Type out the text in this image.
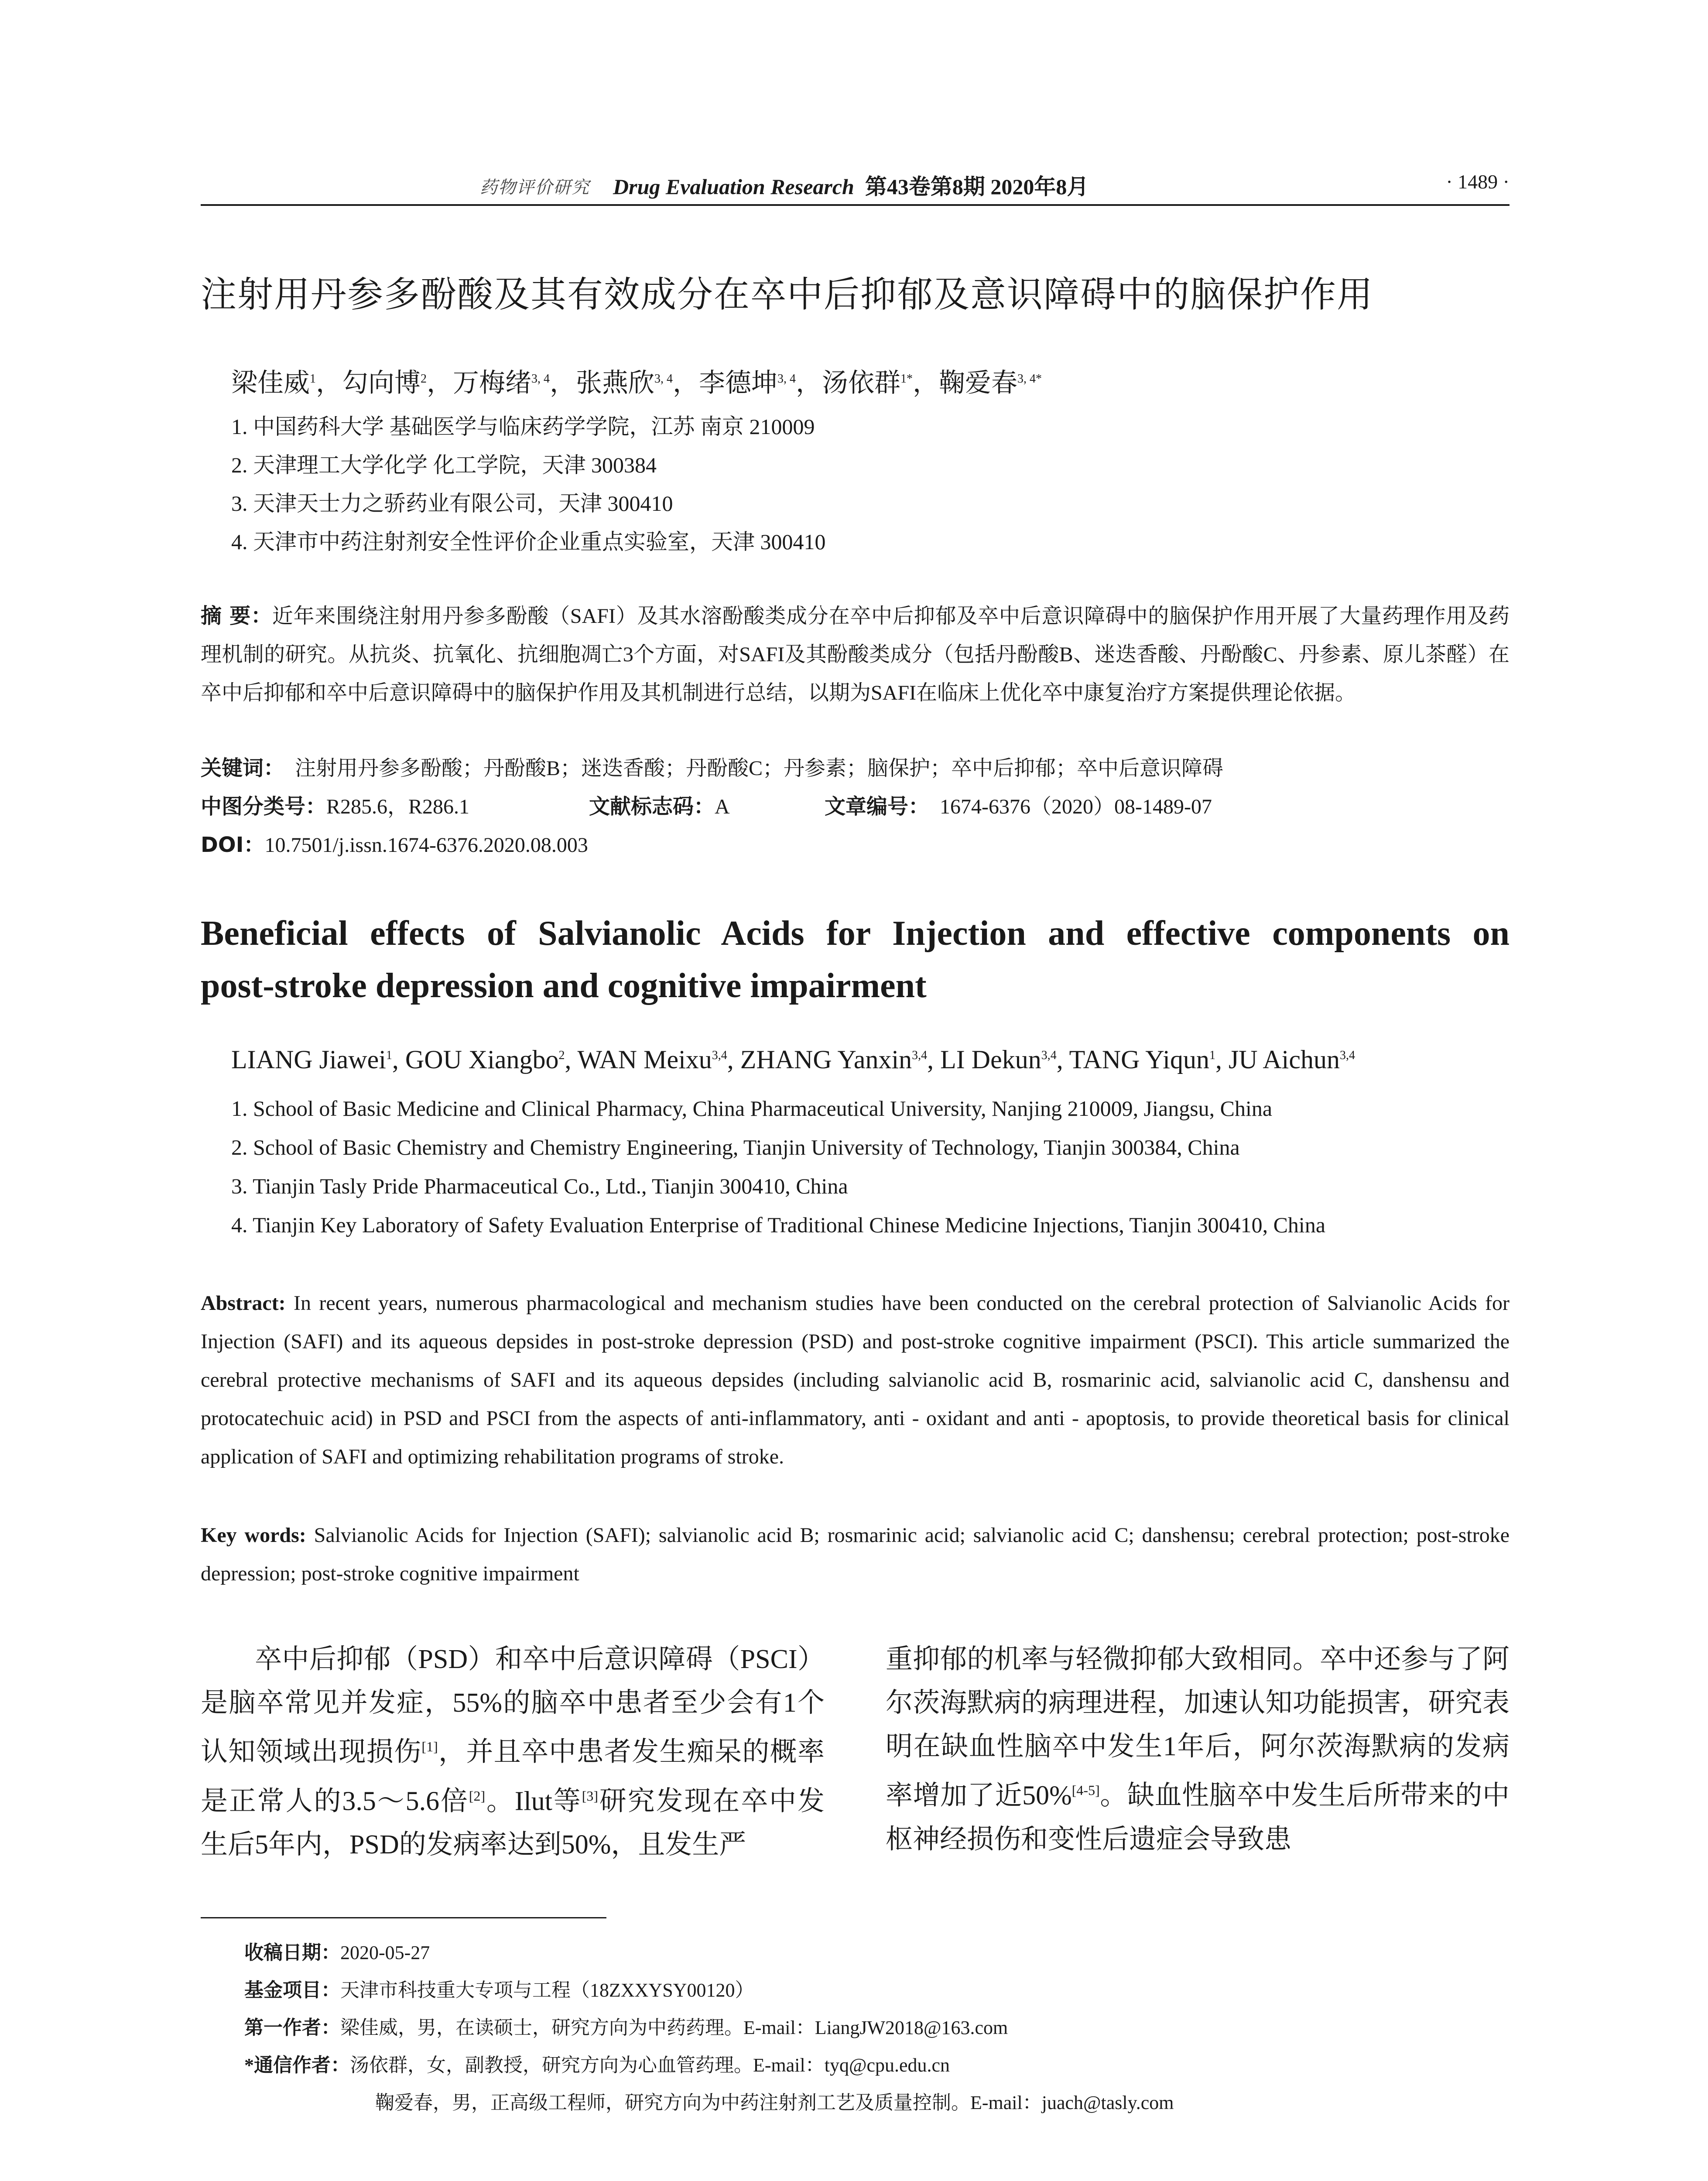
药物评价研究 Drug Evaluation Research 第43卷第8期 2020年8月	· 1489 ·
注射用丹参多酚酸及其有效成分在卒中后抑郁及意识障碍中的脑保护作用
梁佳威$^1$，勾向博$^2$，万梅绪$^{3, 4}$，张燕欣$^{3, 4}$，李德坤$^{3, 4}$，汤依群$^{1*}$，鞠爱春$^{3, 4*}$
1. 中国药科大学 基础医学与临床药学学院，江苏 南京 210009
2. 天津理工大学化学 化工学院，天津 300384
3. 天津天士力之骄药业有限公司，天津 300410
4. 天津市中药注射剂安全性评价企业重点实验室，天津 300410
摘 要：近年来围绕注射用丹参多酚酸（SAFI）及其水溶酚酸类成分在卒中后抑郁及卒中后意识障碍中的脑保护作用开展了大量药理作用及药理机制的研究。从抗炎、抗氧化、抗细胞凋亡3个方面，对SAFI及其酚酸类成分（包括丹酚酸B、迷迭香酸、丹酚酸C、丹参素、原儿茶醛）在卒中后抑郁和卒中后意识障碍中的脑保护作用及其机制进行总结，以期为SAFI在临床上优化卒中康复治疗方案提供理论依据。
关键词： 注射用丹参多酚酸；丹酚酸B；迷迭香酸；丹酚酸C；丹参素；脑保护；卒中后抑郁；卒中后意识障碍
中图分类号：R285.6，R286.1	文献标志码：A	文章编号： 1674-6376（2020）08-1489-07
DOI：10.7501/j.issn.1674-6376.2020.08.003
Beneficial effects of Salvianolic Acids for Injection and effective components on
post-stroke depression and cognitive impairment
LIANG Jiawei$^1$, GOU Xiangbo$^2$, WAN Meixu$^{3,4}$, ZHANG Yanxin$^{3,4}$, LI Dekun$^{3,4}$, TANG Yiqun$^1$, JU Aichun$^{3,4}$
1. School of Basic Medicine and Clinical Pharmacy, China Pharmaceutical University, Nanjing 210009, Jiangsu, China
2. School of Basic Chemistry and Chemistry Engineering, Tianjin University of Technology, Tianjin 300384, China
3. Tianjin Tasly Pride Pharmaceutical Co., Ltd., Tianjin 300410, China
4. Tianjin Key Laboratory of Safety Evaluation Enterprise of Traditional Chinese Medicine Injections, Tianjin 300410, China
Abstract: In recent years, numerous pharmacological and mechanism studies have been conducted on the cerebral protection of Salvianolic Acids for Injection (SAFI) and its aqueous depsides in post-stroke depression (PSD) and post-stroke cognitive impairment (PSCI). This article summarized the cerebral protective mechanisms of SAFI and its aqueous depsides (including salvianolic acid B, rosmarinic acid, salvianolic acid C, danshensu and protocatechuic acid) in PSD and PSCI from the aspects of anti-inflammatory, anti - oxidant and anti - apoptosis, to provide theoretical basis for clinical application of SAFI and optimizing rehabilitation programs of stroke.
Key words: Salvianolic Acids for Injection (SAFI); salvianolic acid B; rosmarinic acid; salvianolic acid C; danshensu; cerebral protection; post-stroke depression; post-stroke cognitive impairment
卒中后抑郁（PSD）和卒中后意识障碍（PSCI）是脑卒常见并发症，55%的脑卒中患者至少会有1个认知领域出现损伤[1]，并且卒中患者发生痴呆的概率是正常人的3.5～5.6倍[2]。Ilut等[3]研究发现在卒中发生后5年内，PSD的发病率达到50%，且发生严
重抑郁的机率与轻微抑郁大致相同。卒中还参与了阿尔茨海默病的病理进程，加速认知功能损害，研究表明在缺血性脑卒中发生1年后，阿尔茨海默病的发病率增加了近50%[4-5]。缺血性脑卒中发生后所带来的中枢神经损伤和变性后遗症会导致患
收稿日期：2020-05-27
基金项目：天津市科技重大专项与工程（18ZXXYSY00120）
第一作者：梁佳威，男，在读硕士，研究方向为中药药理。E-mail：LiangJW2018@163.com
*通信作者：汤依群，女，副教授，研究方向为心血管药理。E-mail：tyq@cpu.edu.cn
鞠爱春，男，正高级工程师，研究方向为中药注射剂工艺及质量控制。E-mail：juach@tasly.com
